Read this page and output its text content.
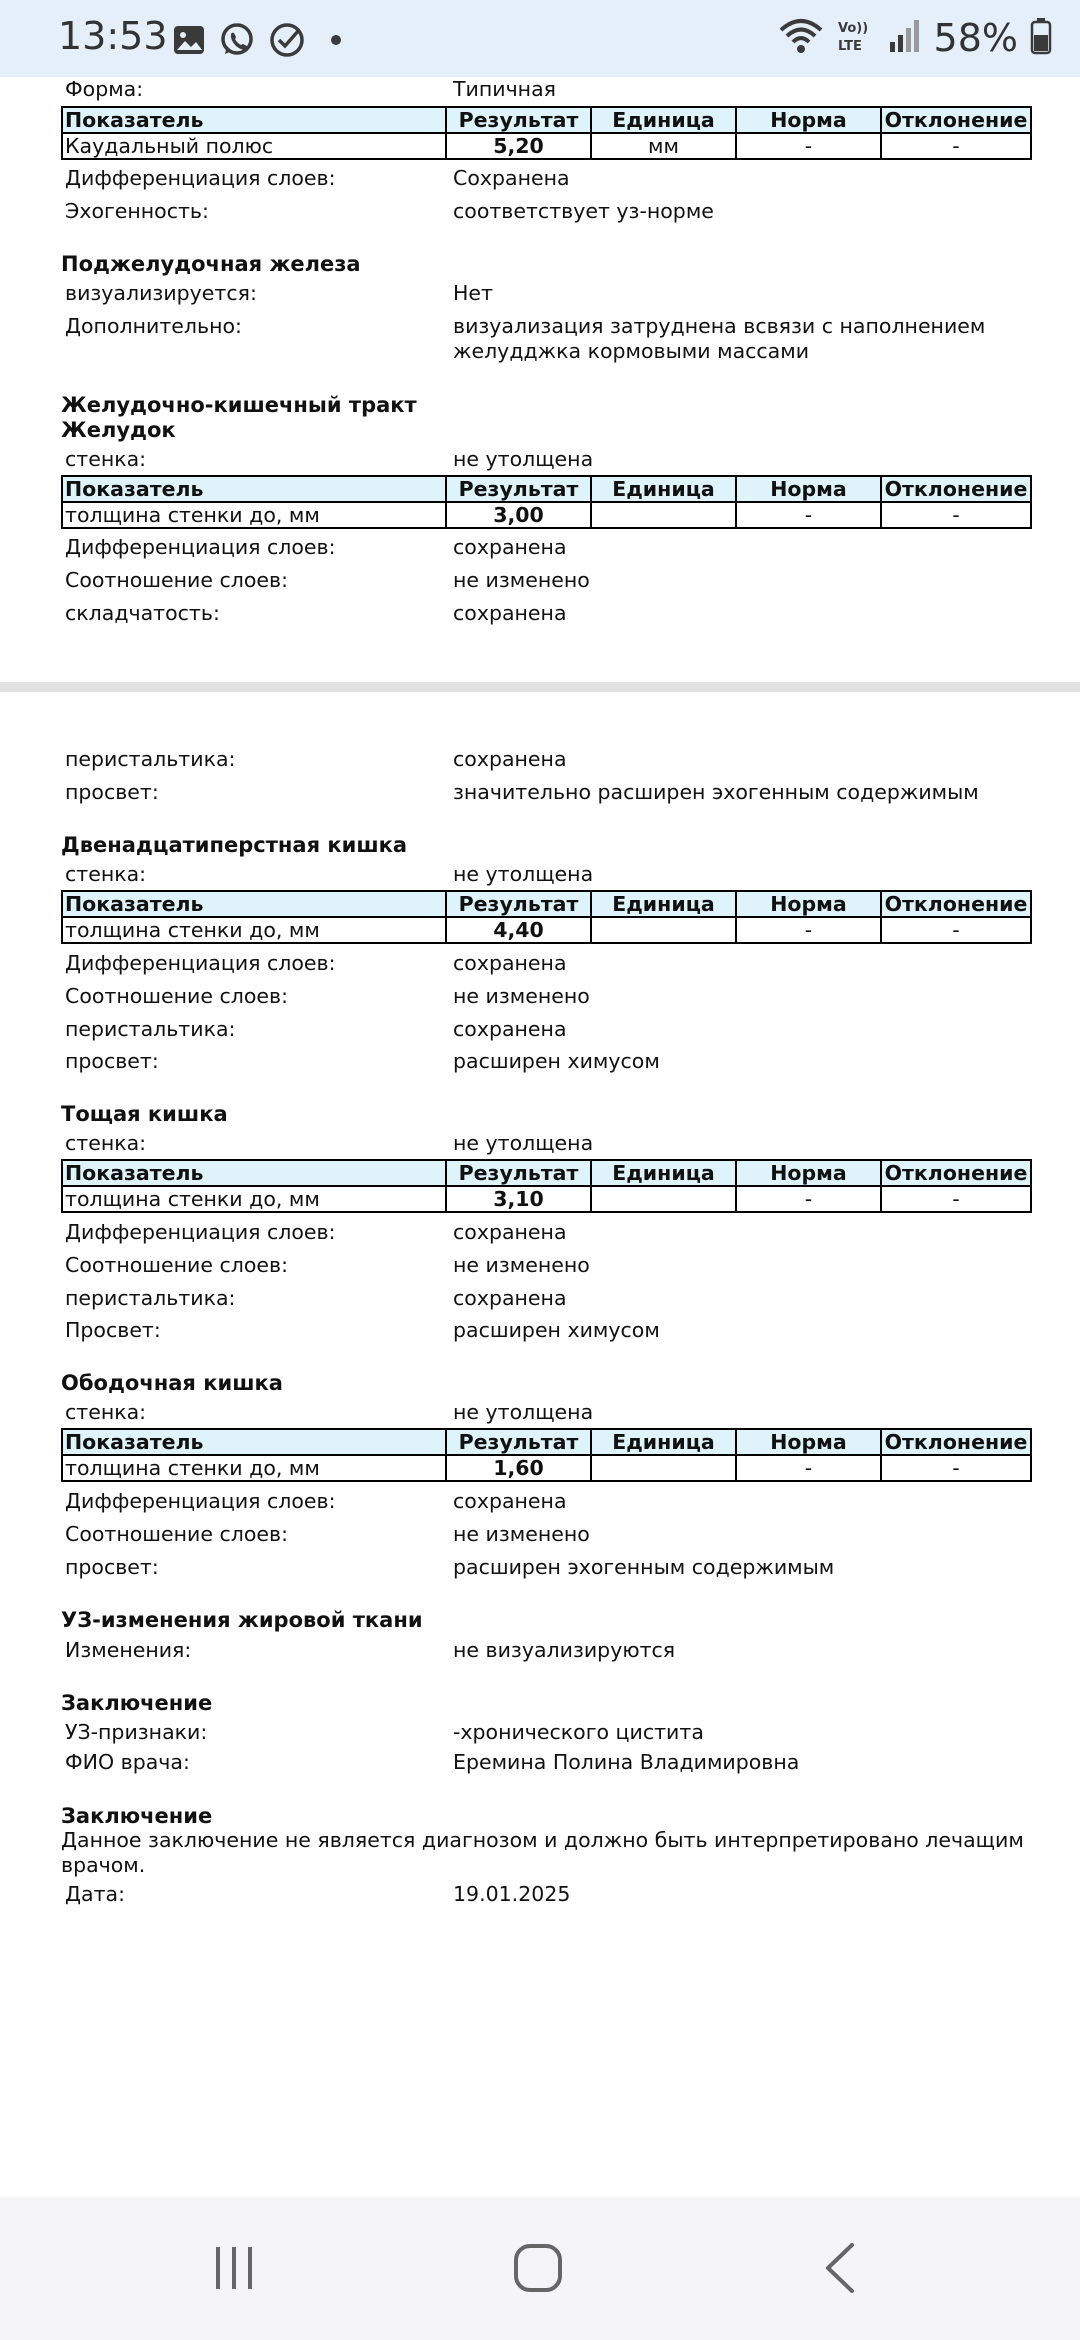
13:53	Vo))
LTE 58%
Форма:	Типичная
Показатель	Результат	Единица	Норма	Отклонение
Каудальный полюс	5,20	мм	-	-
Дифференциация слоев:	Сохранена
Эхогенность:	соответствует уз-норме
Поджелудочная железа
визуализируется:	Нет
Дополнительно:	визуализация затруднена всвязи с наполнением
желудджка кормовыми массами
Желудочно-кишечный тракт
Желудок
стенка:	не утолщена
Показатель	Результат	Единица	Норма	Отклонение
толщина стенки до, мм	3,00		-	-
Дифференциация слоев:	сохранена
Соотношение слоев:	не изменено
складчатость:	сохранена
перистальтика:	сохранена
просвет:	значительно расширен эхогенным содержимым
Двенадцатиперстная кишка
стенка:	не утолщена
Показатель	Результат	Единица	Норма	Отклонение
толщина стенки до, мм	4,40		-	-
Дифференциация слоев:	сохранена
Соотношение слоев:	не изменено
перистальтика:	сохранена
просвет:	расширен химусом
Тощая кишка
стенка:	не утолщена
Показатель	Результат	Единица	Норма	Отклонение
толщина стенки до, мм	3,10		-	-
Дифференциация слоев:	сохранена
Соотношение слоев:	не изменено
перистальтика:	сохранена
Просвет:	расширен химусом
Ободочная кишка
стенка:	не утолщена
Показатель	Результат	Единица	Норма	Отклонение
толщина стенки до, мм	1,60		-	-
Дифференциация слоев:	сохранена
Соотношение слоев:	не изменено
просвет:	расширен эхогенным содержимым
УЗ-изменения жировой ткани
Изменения:	не визуализируются
Заключение
УЗ-признаки:	-хронического цистита
ФИО врача:	Еремина Полина Владимировна
Заключение
Данное заключение не является диагнозом и должно быть интерпретировано лечащим
врачом.
Дата:	19.01.2025
